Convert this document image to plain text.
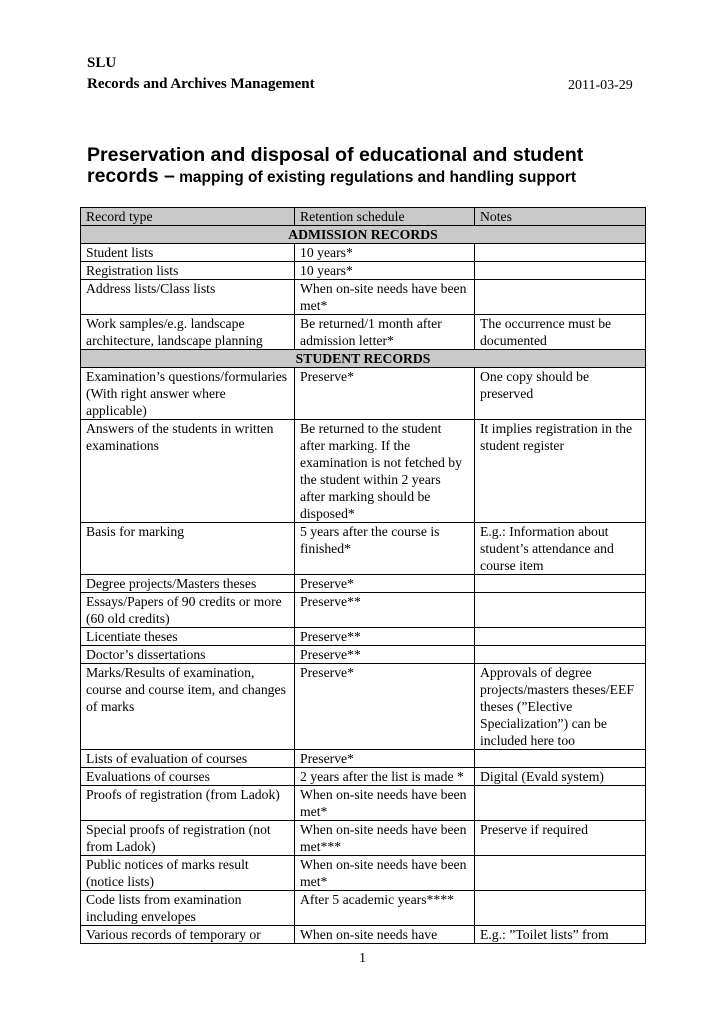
SLU
Records and Archives Management	2011-03-29
Preservation and disposal of educational and student
records – mapping of existing regulations and handling support
Record type	Retention schedule	Notes
ADMISSION RECORDS		
Student lists	10 years*	
Registration lists	10 years*	
Address lists/Class lists	When on-site needs have been met*	
Work samples/e.g. landscape architecture, landscape planning	Be returned/1 month after admission letter*	The occurrence must be documented
STUDENT RECORDS		
Examination’s questions/formularies (With right answer where applicable)	Preserve*	One copy should be preserved
Answers of the students in written examinations	Be returned to the student after marking. If the examination is not fetched by the student within 2 years after marking should be disposed*	It implies registration in the student register
Basis for marking	5 years after the course is finished*	E.g.: Information about student’s attendance and course item
Degree projects/Masters theses	Preserve*	
Essays/Papers of 90 credits or more (60 old credits)	Preserve**	
Licentiate theses	Preserve**	
Doctor’s dissertations	Preserve**	
Marks/Results of examination, course and course item, and changes of marks	Preserve*	Approvals of degree projects/masters theses/EEF theses (”Elective Specialization”) can be included here too
Lists of evaluation of courses	Preserve*	
Evaluations of courses	2 years after the list is made *	Digital (Evald system)
Proofs of registration (from Ladok)	When on-site needs have been met*	
Special proofs of registration (not from Ladok)	When on-site needs have been met***	Preserve if required
Public notices of marks result (notice lists)	When on-site needs have been met*	
Code lists from examination including envelopes	After 5 academic years****	
Various records of temporary or	When on-site needs have	E.g.: ”Toilet lists” from
1
